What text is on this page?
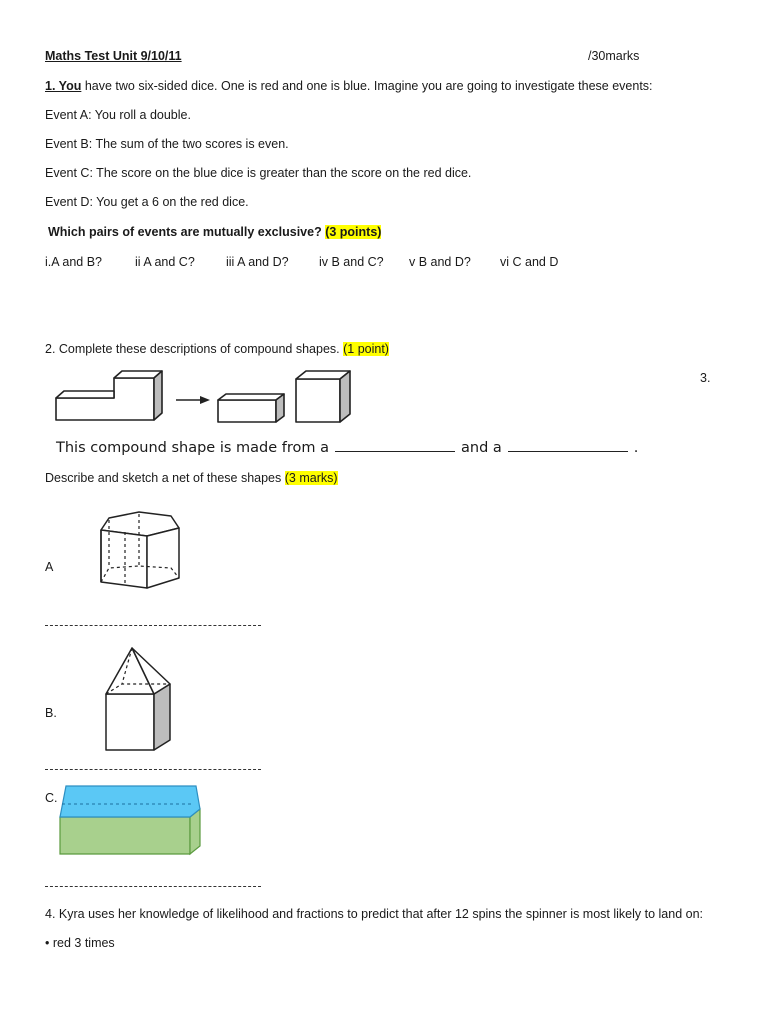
Maths Test Unit 9/10/11	/30marks
1. You have two six-sided dice. One is red and one is blue. Imagine you are going to investigate these events:
Event A: You roll a double.
Event B: The sum of the two scores is even.
Event C: The score on the blue dice is greater than the score on the red dice.
Event D: You get a 6 on the red dice.
Which pairs of events are mutually exclusive? (3 points)
i.A and B?	ii A and C? iii A and D? iv B and C? v B and D? vi C and D
2. Complete these descriptions of compound shapes. (1 point)
3.
This compound shape is made from a	and a	.
Describe and sketch a net of these shapes (3 marks)
A
B.
C.
4. Kyra uses her knowledge of likelihood and fractions to predict that after 12 spins the spinner is most likely to land on:
• red 3 times
